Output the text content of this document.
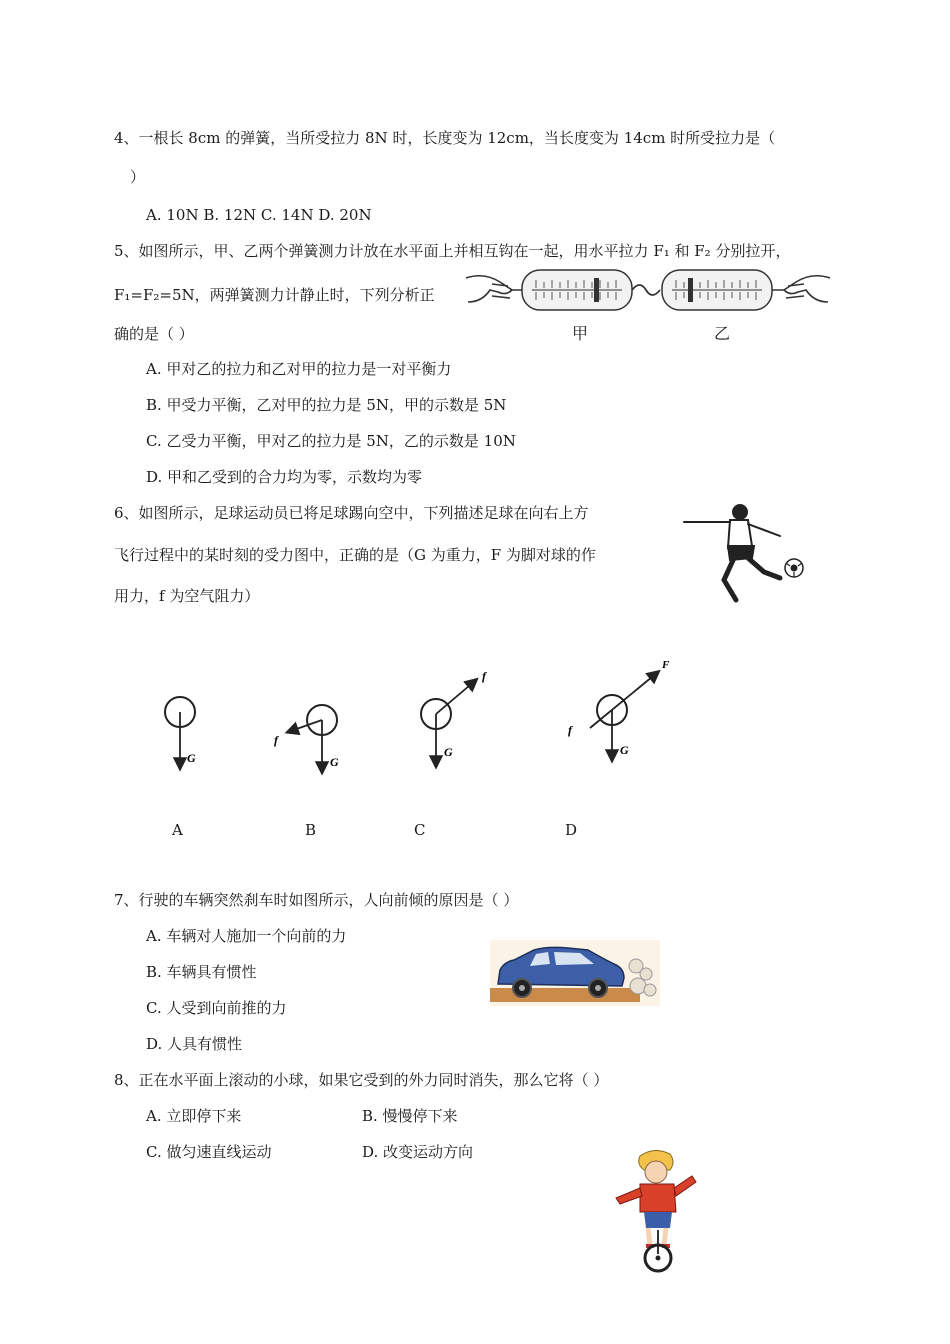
4、一根长 8cm 的弹簧，当所受拉力 8N 时，长度变为 12cm，当长度变为 14cm 时所受拉力是（
）
A. 10N B. 12N C. 14N D. 20N
5、如图所示，甲、乙两个弹簧测力计放在水平面上并相互钩在一起，用水平拉力 F₁ 和 F₂ 分别拉开，
F₁=F₂=5N，两弹簧测力计静止时，下列分析正
确的是（ ）	甲	乙
A. 甲对乙的拉力和乙对甲的拉力是一对平衡力
B. 甲受力平衡，乙对甲的拉力是 5N，甲的示数是 5N
C. 乙受力平衡，甲对乙的拉力是 5N，乙的示数是 10N
D. 甲和乙受到的合力均为零，示数均为零
6、如图所示，足球运动员已将足球踢向空中，下列描述足球在向右上方
飞行过程中的某时刻的受力图中，正确的是（G 为重力，F 为脚对球的作
用力，f 为空气阻力）
G
f
G
f
G
F
f
G
A	B	C	D
7、行驶的车辆突然刹车时如图所示，人向前倾的原因是（ ）
A. 车辆对人施加一个向前的力
B. 车辆具有惯性
C. 人受到向前推的力
D. 人具有惯性
8、正在水平面上滚动的小球，如果它受到的外力同时消失，那么它将（ ）
A. 立即停下来	B. 慢慢停下来
C. 做匀速直线运动	D. 改变运动方向
